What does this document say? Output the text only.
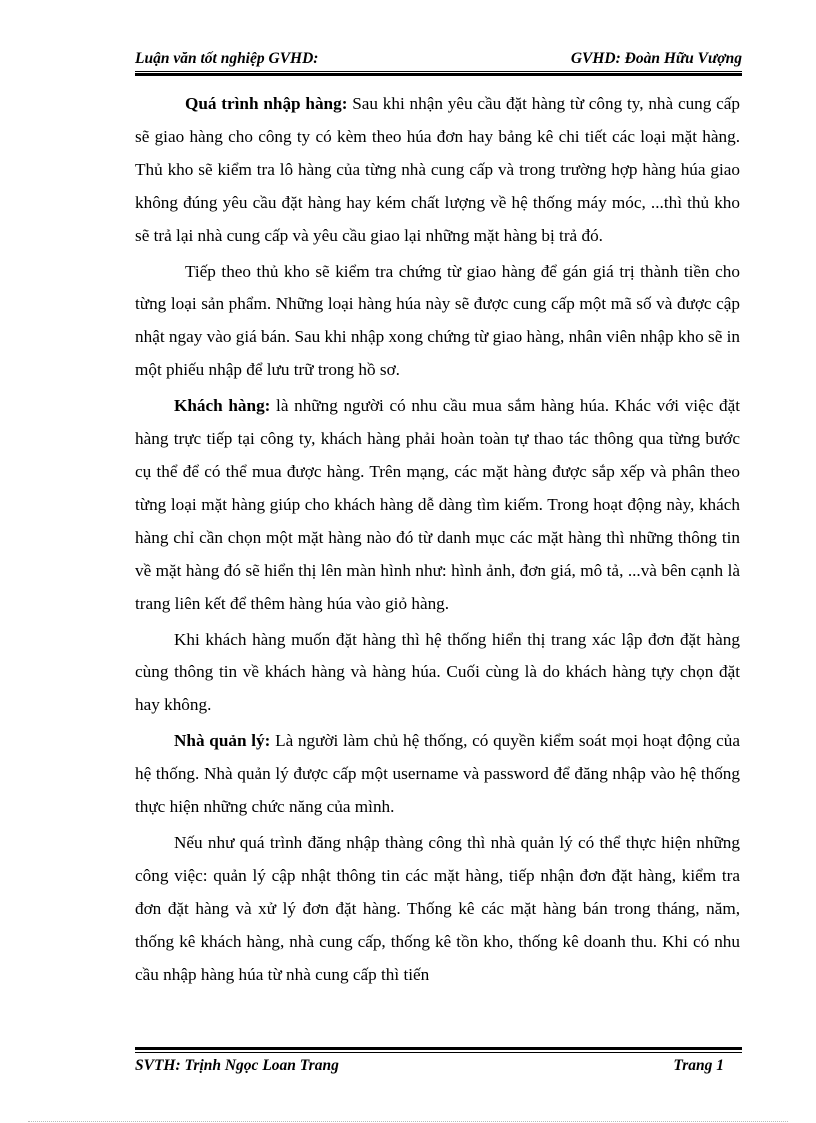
Luận văn tốt nghiệp GVHD:	GVHD: Đoàn Hữu Vượng

Quá trình nhập hàng: Sau khi nhận yêu cầu đặt hàng từ công ty, nhà cung cấp sẽ giao hàng cho công ty có kèm theo húa đơn hay bảng kê chi tiết các loại mặt hàng. Thủ kho sẽ kiểm tra lô hàng của từng nhà cung cấp và trong trường hợp hàng húa giao không đúng yêu cầu đặt hàng hay kém chất lượng về hệ thống máy móc, ...thì thủ kho sẽ trả lại nhà cung cấp và yêu cầu giao lại những mặt hàng bị trả đó.

Tiếp theo thủ kho sẽ kiểm tra chứng từ giao hàng để gán giá trị thành tiền cho từng loại sản phẩm. Những loại hàng húa này sẽ được cung cấp một mã số và được cập nhật ngay vào giá bán. Sau khi nhập xong chứng từ giao hàng, nhân viên nhập kho sẽ in một phiếu nhập để lưu trữ trong hồ sơ.

Khách hàng: là những người có nhu cầu mua sắm hàng húa. Khác với việc đặt hàng trực tiếp tại công ty, khách hàng phải hoàn toàn tự thao tác thông qua từng bước cụ thể để có thể mua được hàng. Trên mạng, các mặt hàng được sắp xếp và phân theo từng loại mặt hàng giúp cho khách hàng dễ dàng tìm kiếm. Trong hoạt động này, khách hàng chỉ cần chọn một mặt hàng nào đó từ danh mục các mặt hàng thì những thông tin về mặt hàng đó sẽ hiển thị lên màn hình như: hình ảnh, đơn giá, mô tả, ...và bên cạnh là trang liên kết để thêm hàng húa vào giỏ hàng.

Khi khách hàng muốn đặt hàng thì hệ thống hiển thị trang xác lập đơn đặt hàng cùng thông tin về khách hàng và hàng húa. Cuối cùng là do khách hàng tựy chọn đặt hay không.

Nhà quản lý: Là người làm chủ hệ thống, có quyền kiểm soát mọi hoạt động của hệ thống. Nhà quản lý được cấp một username và password để đăng nhập vào hệ thống thực hiện những chức năng của mình.

Nếu như quá trình đăng nhập thàng công thì nhà quản lý có thể thực hiện những công việc: quản lý cập nhật thông tin các mặt hàng, tiếp nhận đơn đặt hàng, kiểm tra đơn đặt hàng và xử lý đơn đặt hàng. Thống kê các mặt hàng bán trong tháng, năm, thống kê khách hàng, nhà cung cấp, thống kê tồn kho, thống kê doanh thu. Khi có nhu cầu nhập hàng húa từ nhà cung cấp thì tiến

SVTH: Trịnh Ngọc Loan Trang	Trang 1
